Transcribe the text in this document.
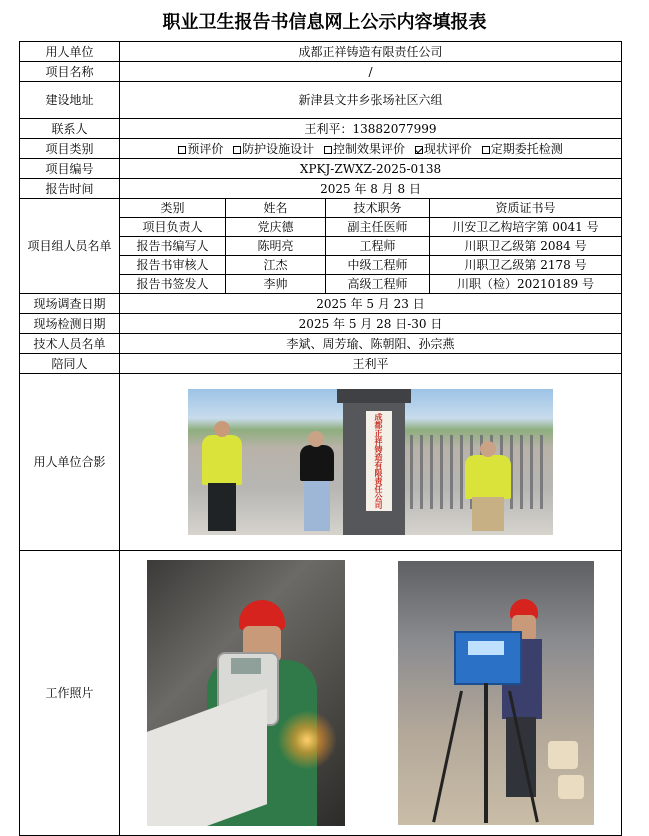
职业卫生报告书信息网上公示内容填报表
用人单位	成都正祥铸造有限责任公司			
项目名称	/			
建设地址	新津县文井乡张场社区六组			
联系人	王利平：13882077999			
项目类别	预评价 防护设施设计 控制效果评价 现状评价 定期委托检测			
项目编号	XPKJ-ZWXZ-2025-0138			
报告时间	2025 年 8 月 8 日			
项目组人员名单	类别	姓名	技术职务	资质证书号
	项目负责人	党庆德	副主任医师	川安卫乙构培字第 0041 号
	报告书编写人	陈明亮	工程师	川职卫乙级第 2084 号
	报告书审核人	江杰	中级工程师	川职卫乙级第 2178 号
	报告书签发人	李帅	高级工程师	川职（检）20210189 号
现场调查日期	2025 年 5 月 23 日			
现场检测日期	2025 年 5 月 28 日-30 日			
技术人员名单	李斌、周芳瑜、陈朝阳、孙宗燕			
陪同人	王利平			
用人单位合影	成都正祥铸造有限责任公司			

工作照片				
